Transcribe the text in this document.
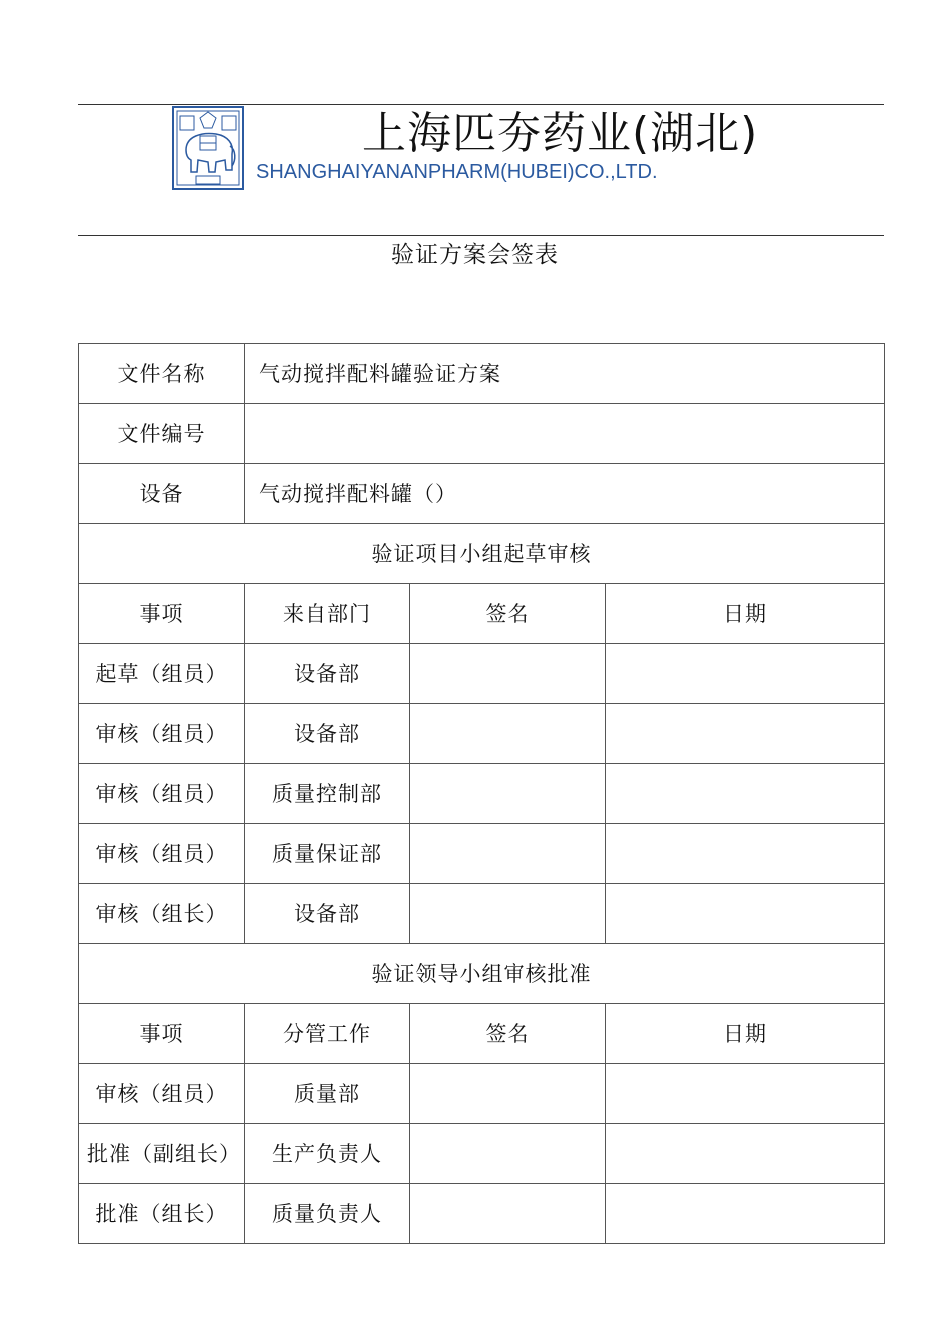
上海匹夯药业(湖北)
SHANGHAIYANANPHARM(HUBEI)CO.,LTD.
验证方案会签表
文件名称	气动搅拌配料罐验证方案		
文件编号			
设备	气动搅拌配料罐（）		
验证项目小组起草审核			
事项	来自部门	签名	日期
起草（组员）	设备部		
审核（组员）	设备部		
审核（组员）	质量控制部		
审核（组员）	质量保证部		
审核（组长）	设备部		
验证领导小组审核批准			
事项	分管工作	签名	日期
审核（组员）	质量部		
批准（副组长）	生产负责人		
批准（组长）	质量负责人		
